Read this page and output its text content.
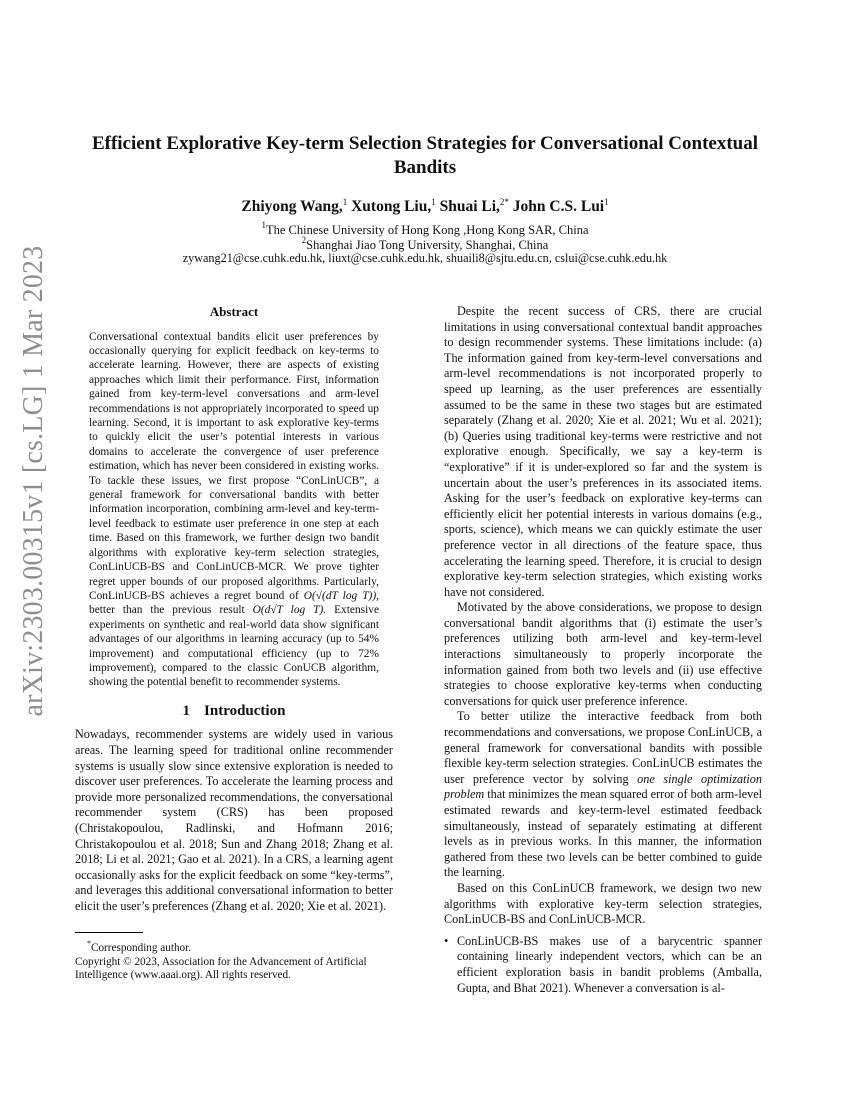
arXiv:2303.00315v1 [cs.LG] 1 Mar 2023
Efficient Explorative Key-term Selection Strategies for Conversational Contextual Bandits
Zhiyong Wang,$^1$ Xutong Liu,$^1$ Shuai Li,$^{2*}$ John C.S. Lui$^1$
$^1$The Chinese University of Hong Kong ,Hong Kong SAR, China
$^2$Shanghai Jiao Tong University, Shanghai, China
zywang21@cse.cuhk.edu.hk, liuxt@cse.cuhk.edu.hk, shuaili8@sjtu.edu.cn, cslui@cse.cuhk.edu.hk
Abstract
Conversational contextual bandits elicit user preferences by occasionally querying for explicit feedback on key-terms to accelerate learning. However, there are aspects of existing approaches which limit their performance. First, information gained from key-term-level conversations and arm-level recommendations is not appropriately incorporated to speed up learning. Second, it is important to ask explorative key-terms to quickly elicit the user’s potential interests in various domains to accelerate the convergence of user preference estimation, which has never been considered in existing works. To tackle these issues, we first propose “ConLinUCB”, a general framework for conversational bandits with better information incorporation, combining arm-level and key-term-level feedback to estimate user preference in one step at each time. Based on this framework, we further design two bandit algorithms with explorative key-term selection strategies, ConLinUCB-BS and ConLinUCB-MCR. We prove tighter regret upper bounds of our proposed algorithms. Particularly, ConLinUCB-BS achieves a regret bound of O(√(dT log T)), better than the previous result O(d√T log T). Extensive experiments on synthetic and real-world data show significant advantages of our algorithms in learning accuracy (up to 54% improvement) and computational efficiency (up to 72% improvement), compared to the classic ConUCB algorithm, showing the potential benefit to recommender systems.
1 Introduction

Nowadays, recommender systems are widely used in various areas. The learning speed for traditional online recommender systems is usually slow since extensive exploration is needed to discover user preferences. To accelerate the learning process and provide more personalized recommendations, the conversational recommender system (CRS) has been proposed (Christakopoulou, Radlinski, and Hofmann 2016; Christakopoulou et al. 2018; Sun and Zhang 2018; Zhang et al. 2018; Li et al. 2021; Gao et al. 2021). In a CRS, a learning agent occasionally asks for the explicit feedback on some “key-terms”, and leverages this additional conversational information to better elicit the user’s preferences (Zhang et al. 2020; Xie et al. 2021).

*Corresponding author.
Copyright © 2023, Association for the Advancement of Artificial Intelligence (www.aaai.org). All rights reserved.

Despite the recent success of CRS, there are crucial limitations in using conversational contextual bandit approaches to design recommender systems. These limitations include: (a) The information gained from key-term-level conversations and arm-level recommendations is not incorporated properly to speed up learning, as the user preferences are essentially assumed to be the same in these two stages but are estimated separately (Zhang et al. 2020; Xie et al. 2021; Wu et al. 2021); (b) Queries using traditional key-terms were restrictive and not explorative enough. Specifically, we say a key-term is “explorative” if it is under-explored so far and the system is uncertain about the user’s preferences in its associated items. Asking for the user’s feedback on explorative key-terms can efficiently elicit her potential interests in various domains (e.g., sports, science), which means we can quickly estimate the user preference vector in all directions of the feature space, thus accelerating the learning speed. Therefore, it is crucial to design explorative key-term selection strategies, which existing works have not considered.

Motivated by the above considerations, we propose to design conversational bandit algorithms that (i) estimate the user’s preferences utilizing both arm-level and key-term-level interactions simultaneously to properly incorporate the information gained from both two levels and (ii) use effective strategies to choose explorative key-terms when conducting conversations for quick user preference inference.

To better utilize the interactive feedback from both recommendations and conversations, we propose ConLinUCB, a general framework for conversational bandits with possible flexible key-term selection strategies. ConLinUCB estimates the user preference vector by solving one single optimization problem that minimizes the mean squared error of both arm-level estimated rewards and key-term-level estimated feedback simultaneously, instead of separately estimating at different levels as in previous works. In this manner, the information gathered from these two levels can be better combined to guide the learning.

Based on this ConLinUCB framework, we design two new algorithms with explorative key-term selection strategies, ConLinUCB-BS and ConLinUCB-MCR.

• ConLinUCB-BS makes use of a barycentric spanner containing linearly independent vectors, which can be an efficient exploration basis in bandit problems (Amballa, Gupta, and Bhat 2021). Whenever a conversation is al-
